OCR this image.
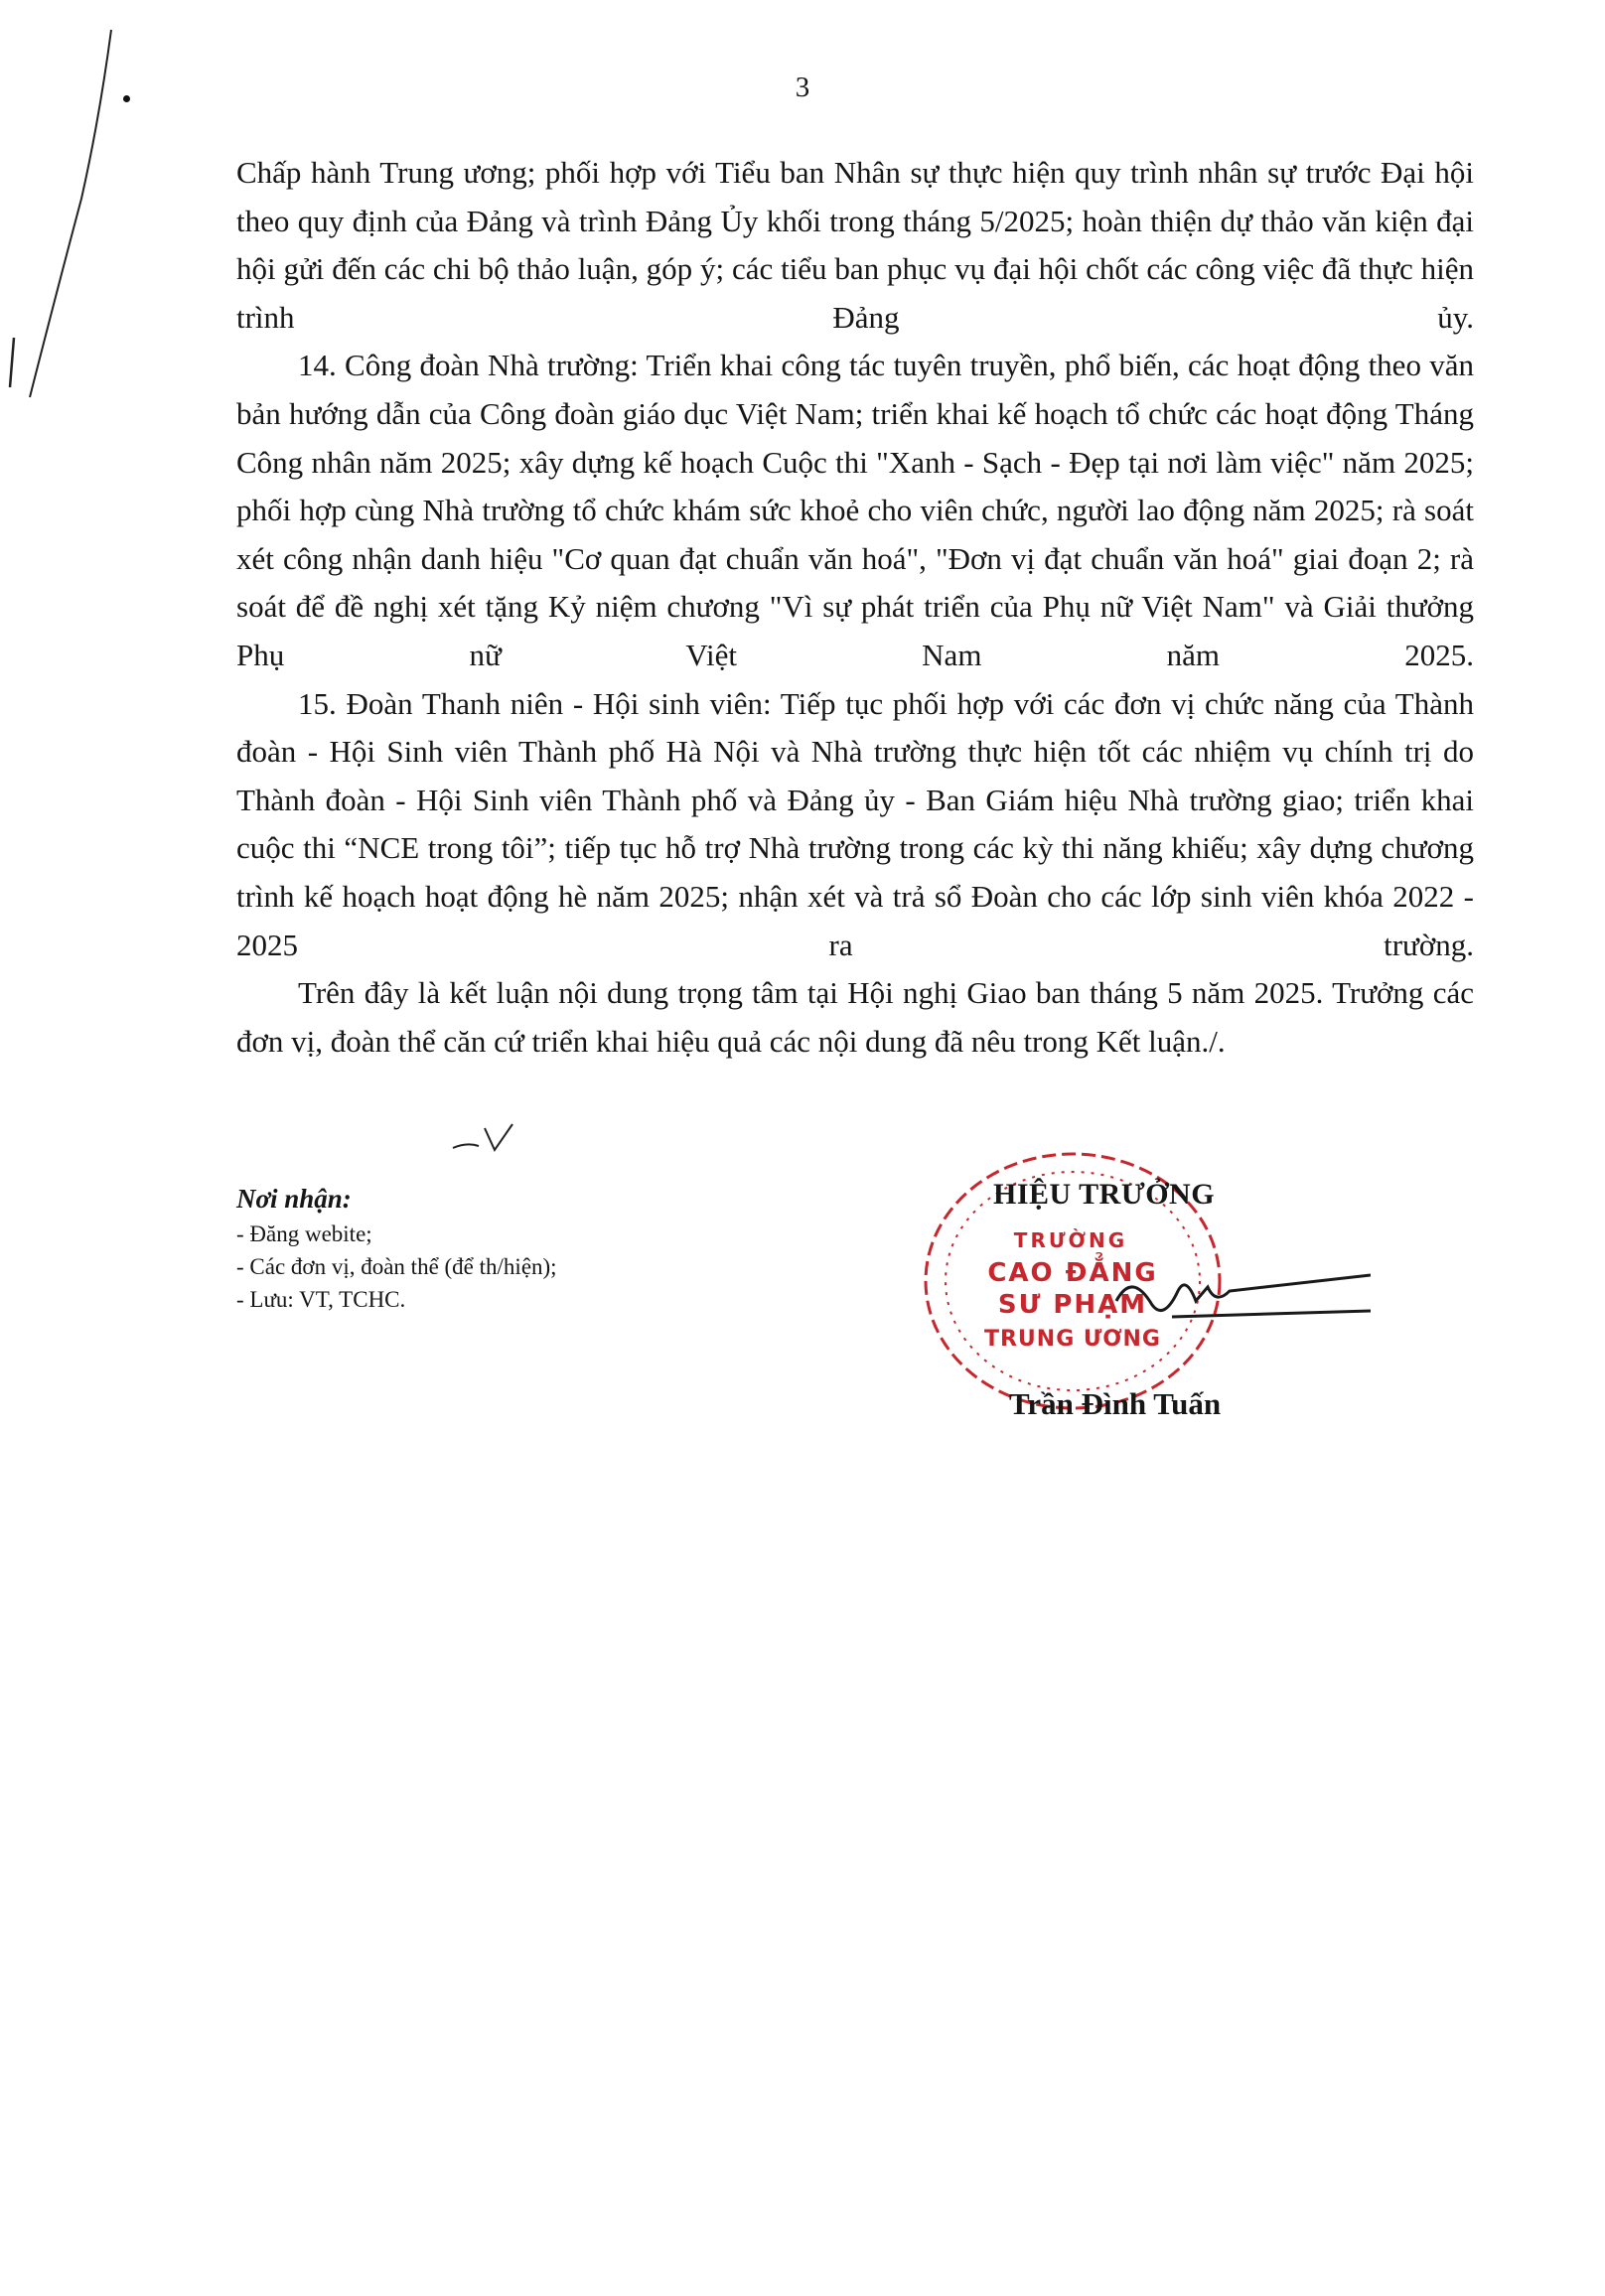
3

Chấp hành Trung ương; phối hợp với Tiểu ban Nhân sự thực hiện quy trình nhân sự trước Đại hội theo quy định của Đảng và trình Đảng Ủy khối trong tháng 5/2025; hoàn thiện dự thảo văn kiện đại hội gửi đến các chi bộ thảo luận, góp ý; các tiểu ban phục vụ đại hội chốt các công việc đã thực hiện trình Đảng ủy.

14. Công đoàn Nhà trường: Triển khai công tác tuyên truyền, phổ biến, các hoạt động theo văn bản hướng dẫn của Công đoàn giáo dục Việt Nam; triển khai kế hoạch tổ chức các hoạt động Tháng Công nhân năm 2025; xây dựng kế hoạch Cuộc thi "Xanh - Sạch - Đẹp tại nơi làm việc" năm 2025; phối hợp cùng Nhà trường tổ chức khám sức khoẻ cho viên chức, người lao động năm 2025; rà soát xét công nhận danh hiệu "Cơ quan đạt chuẩn văn hoá", "Đơn vị đạt chuẩn văn hoá" giai đoạn 2; rà soát để đề nghị xét tặng Kỷ niệm chương "Vì sự phát triển của Phụ nữ Việt Nam" và Giải thưởng Phụ nữ Việt Nam năm 2025.

15. Đoàn Thanh niên - Hội sinh viên: Tiếp tục phối hợp với các đơn vị chức năng của Thành đoàn - Hội Sinh viên Thành phố Hà Nội và Nhà trường thực hiện tốt các nhiệm vụ chính trị do Thành đoàn - Hội Sinh viên Thành phố và Đảng ủy - Ban Giám hiệu Nhà trường giao; triển khai cuộc thi “NCE trong tôi”; tiếp tục hỗ trợ Nhà trường trong các kỳ thi năng khiếu; xây dựng chương trình kế hoạch hoạt động hè năm 2025; nhận xét và trả sổ Đoàn cho các lớp sinh viên khóa 2022 - 2025 ra trường.

Trên đây là kết luận nội dung trọng tâm tại Hội nghị Giao ban tháng 5 năm 2025. Trưởng các đơn vị, đoàn thể căn cứ triển khai hiệu quả các nội dung đã nêu trong Kết luận./.

Nơi nhận:
- Đăng webite;
- Các đơn vị, đoàn thể (để th/hiện);
- Lưu: VT, TCHC.
TRƯỜNG
CAO ĐẲNG
SƯ PHẠM
TRUNG ƯƠNG
HIỆU TRƯỞNG
Trần Đình Tuấn
